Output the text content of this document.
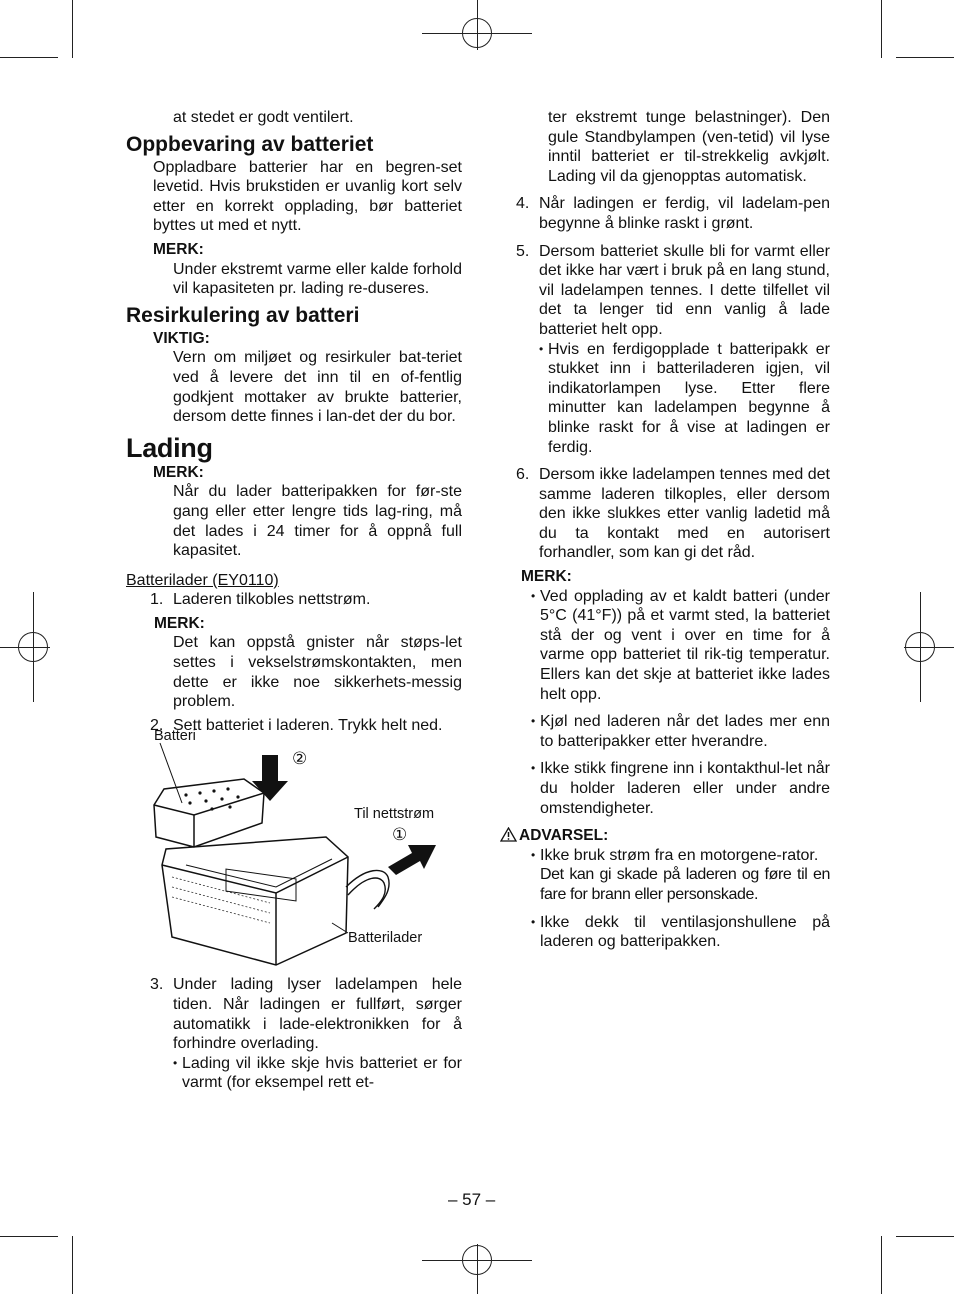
at stedet er godt ventilert.

Oppbevaring av batteriet

Oppladbare batterier har en begren-set levetid. Hvis brukstiden er uvanlig kort selv etter en korrekt opplading, bør batteriet byttes ut med et nytt.

MERK:

Under ekstremt varme eller kalde forhold vil kapasiteten pr. lading re-duseres.

Resirkulering av batteri
VIKTIG:

Vern om miljøet og resirkuler bat-teriet ved å levere det inn til en of-fentlig godkjent mottaker av brukte batterier, dersom dette finnes i lan-det der du bor.

Lading
MERK:

Når du lader batteripakken for før-ste gang eller etter lengre tids lag-ring, må det lades i 24 timer for å oppnå full kapasitet.

Batterilader (EY0110)
1. Laderen tilkobles nettstrøm.
MERK:

Det kan oppstå gnister når støps-let settes i vekselstrømskontakten, men dette er ikke noe sikkerhets-messig problem.

2. Sett batteriet i laderen. Trykk helt ned.
Batteri
②
Til nettstrøm
①
Batterilader
3. Under lading lyser ladelampen hele tiden. Når ladingen er fullført, sørger automatikk i lade-elektronikken for å forhindre overlading.
• Lading vil ikke skje hvis batteriet er for varmt (for eksempel rett et-

ter ekstremt tunge belastninger). Den gule Standbylampen (ven-tetid) vil lyse inntil batteriet er til-strekkelig avkjølt. Lading vil da gjenopptas automatisk.

4. Når ladingen er ferdig, vil ladelam-pen begynne å blinke raskt i grønt.
5. Dersom batteriet skulle bli for varmt eller det ikke har vært i bruk på en lang stund, vil ladelampen tennes. I dette tilfellet vil det ta lenger tid enn vanlig å lade batteriet helt opp.
• Hvis en ferdigopplade t batteripakk er stukket inn i batteriladeren igjen, vil indikatorlampen lyse. Etter flere minutter kan ladelampen begynne å blinke raskt for å vise at ladingen er ferdig.
6. Dersom ikke ladelampen tennes med det samme laderen tilkoples, eller dersom den ikke slukkes etter vanlig ladetid må du ta kontakt med en autorisert forhandler, som kan gi det råd.
MERK:
• Ved opplading av et kaldt batteri (under 5°C (41°F)) på et varmt sted, la batteriet stå der og vent i over en time for å varme opp batteriet til rik-tig temperatur. Ellers kan det skje at batteriet ikke lades helt opp.
• Kjøl ned laderen når det lades mer enn to batteripakker etter hverandre.
• Ikke stikk fingrene inn i kontakthul-let når du holder laderen eller under andre omstendigheter.
ADVARSEL:
• Ikke bruk strøm fra en motorgene-rator.
Det kan gi skade på laderen og føre til en fare for brann eller personskade.
• Ikke dekk til ventilasjonshullene på laderen og batteripakken.
– 57 –
